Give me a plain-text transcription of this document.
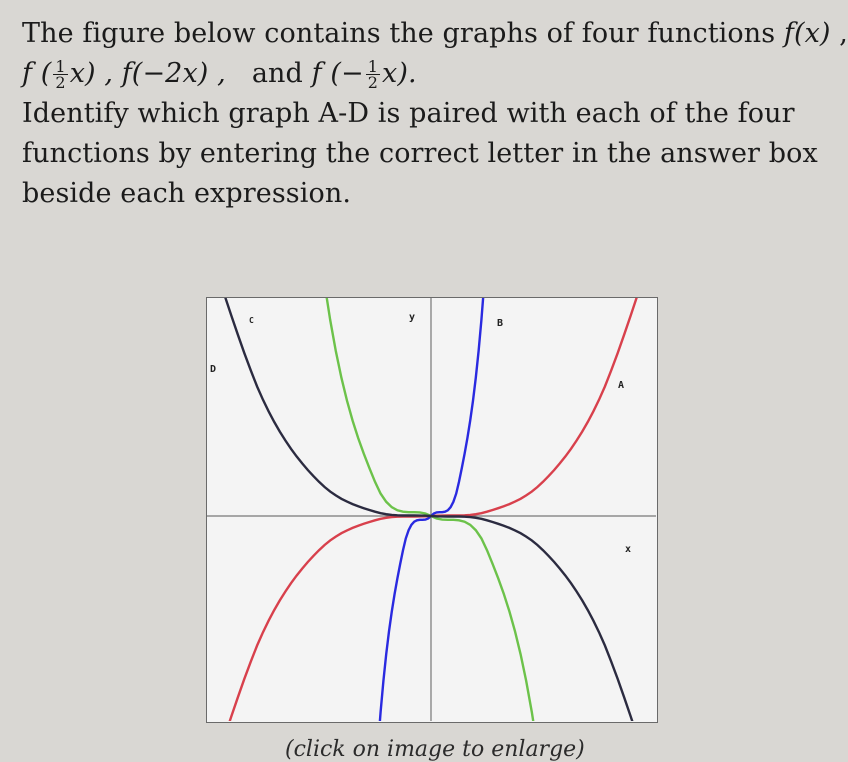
The figure below contains the graphs of four functions f(x) ,
f ( $\frac{1}{2} x$) , f(−2x) ,   and f (− $\frac{1}{2} x$).
Identify which graph A-D is paired with each of the four
functions by entering the correct letter in the answer box
beside each expression.
y
x
B
A
C
D
(click on image to enlarge)
